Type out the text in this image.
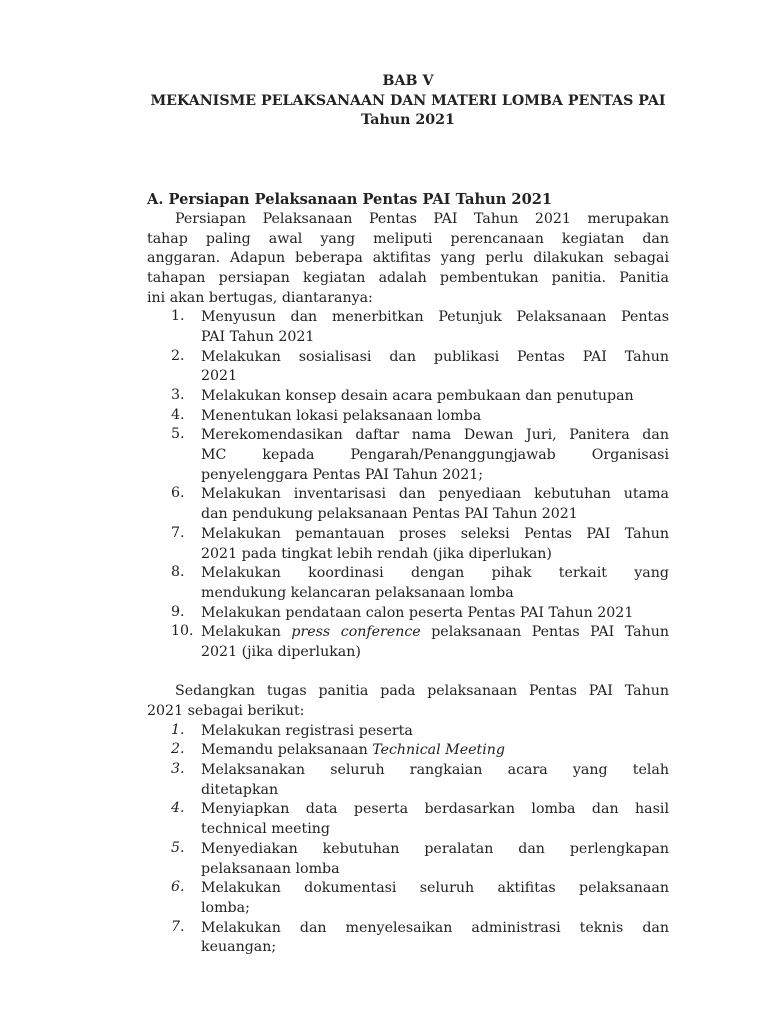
BAB V
MEKANISME PELAKSANAAN DAN MATERI LOMBA PENTAS PAI
Tahun 2021
A. Persiapan Pelaksanaan Pentas PAI Tahun 2021
Persiapan Pelaksanaan Pentas PAI Tahun 2021 merupakan
tahap paling awal yang meliputi perencanaan kegiatan dan
anggaran. Adapun beberapa aktifitas yang perlu dilakukan sebagai
tahapan persiapan kegiatan adalah pembentukan panitia. Panitia
ini akan bertugas, diantaranya:
1.	Menyusun dan menerbitkan Petunjuk Pelaksanaan Pentas
PAI Tahun 2021
2.	Melakukan sosialisasi dan publikasi Pentas PAI Tahun
2021
3.	Melakukan konsep desain acara pembukaan dan penutupan
4.	Menentukan lokasi pelaksanaan lomba
5.	Merekomendasikan daftar nama Dewan Juri, Panitera dan
MC kepada Pengarah/Penanggungjawab Organisasi
penyelenggara Pentas PAI Tahun 2021;
6.	Melakukan inventarisasi dan penyediaan kebutuhan utama
dan pendukung pelaksanaan Pentas PAI Tahun 2021
7.	Melakukan pemantauan proses seleksi Pentas PAI Tahun
2021 pada tingkat lebih rendah (jika diperlukan)
8.	Melakukan koordinasi dengan pihak terkait yang
mendukung kelancaran pelaksanaan lomba
9.	Melakukan pendataan calon peserta Pentas PAI Tahun 2021
10. Melakukan press conference pelaksanaan Pentas PAI Tahun
2021 (jika diperlukan)
Sedangkan tugas panitia pada pelaksanaan Pentas PAI Tahun
2021 sebagai berikut:
1.	Melakukan registrasi peserta
2.	Memandu pelaksanaan Technical Meeting
3.	Melaksanakan seluruh rangkaian acara yang telah
ditetapkan
4.	Menyiapkan data peserta berdasarkan lomba dan hasil
technical meeting
5.	Menyediakan kebutuhan peralatan dan perlengkapan
pelaksanaan lomba
6.	Melakukan dokumentasi seluruh aktifitas pelaksanaan
lomba;
7.	Melakukan dan menyelesaikan administrasi teknis dan
keuangan;
